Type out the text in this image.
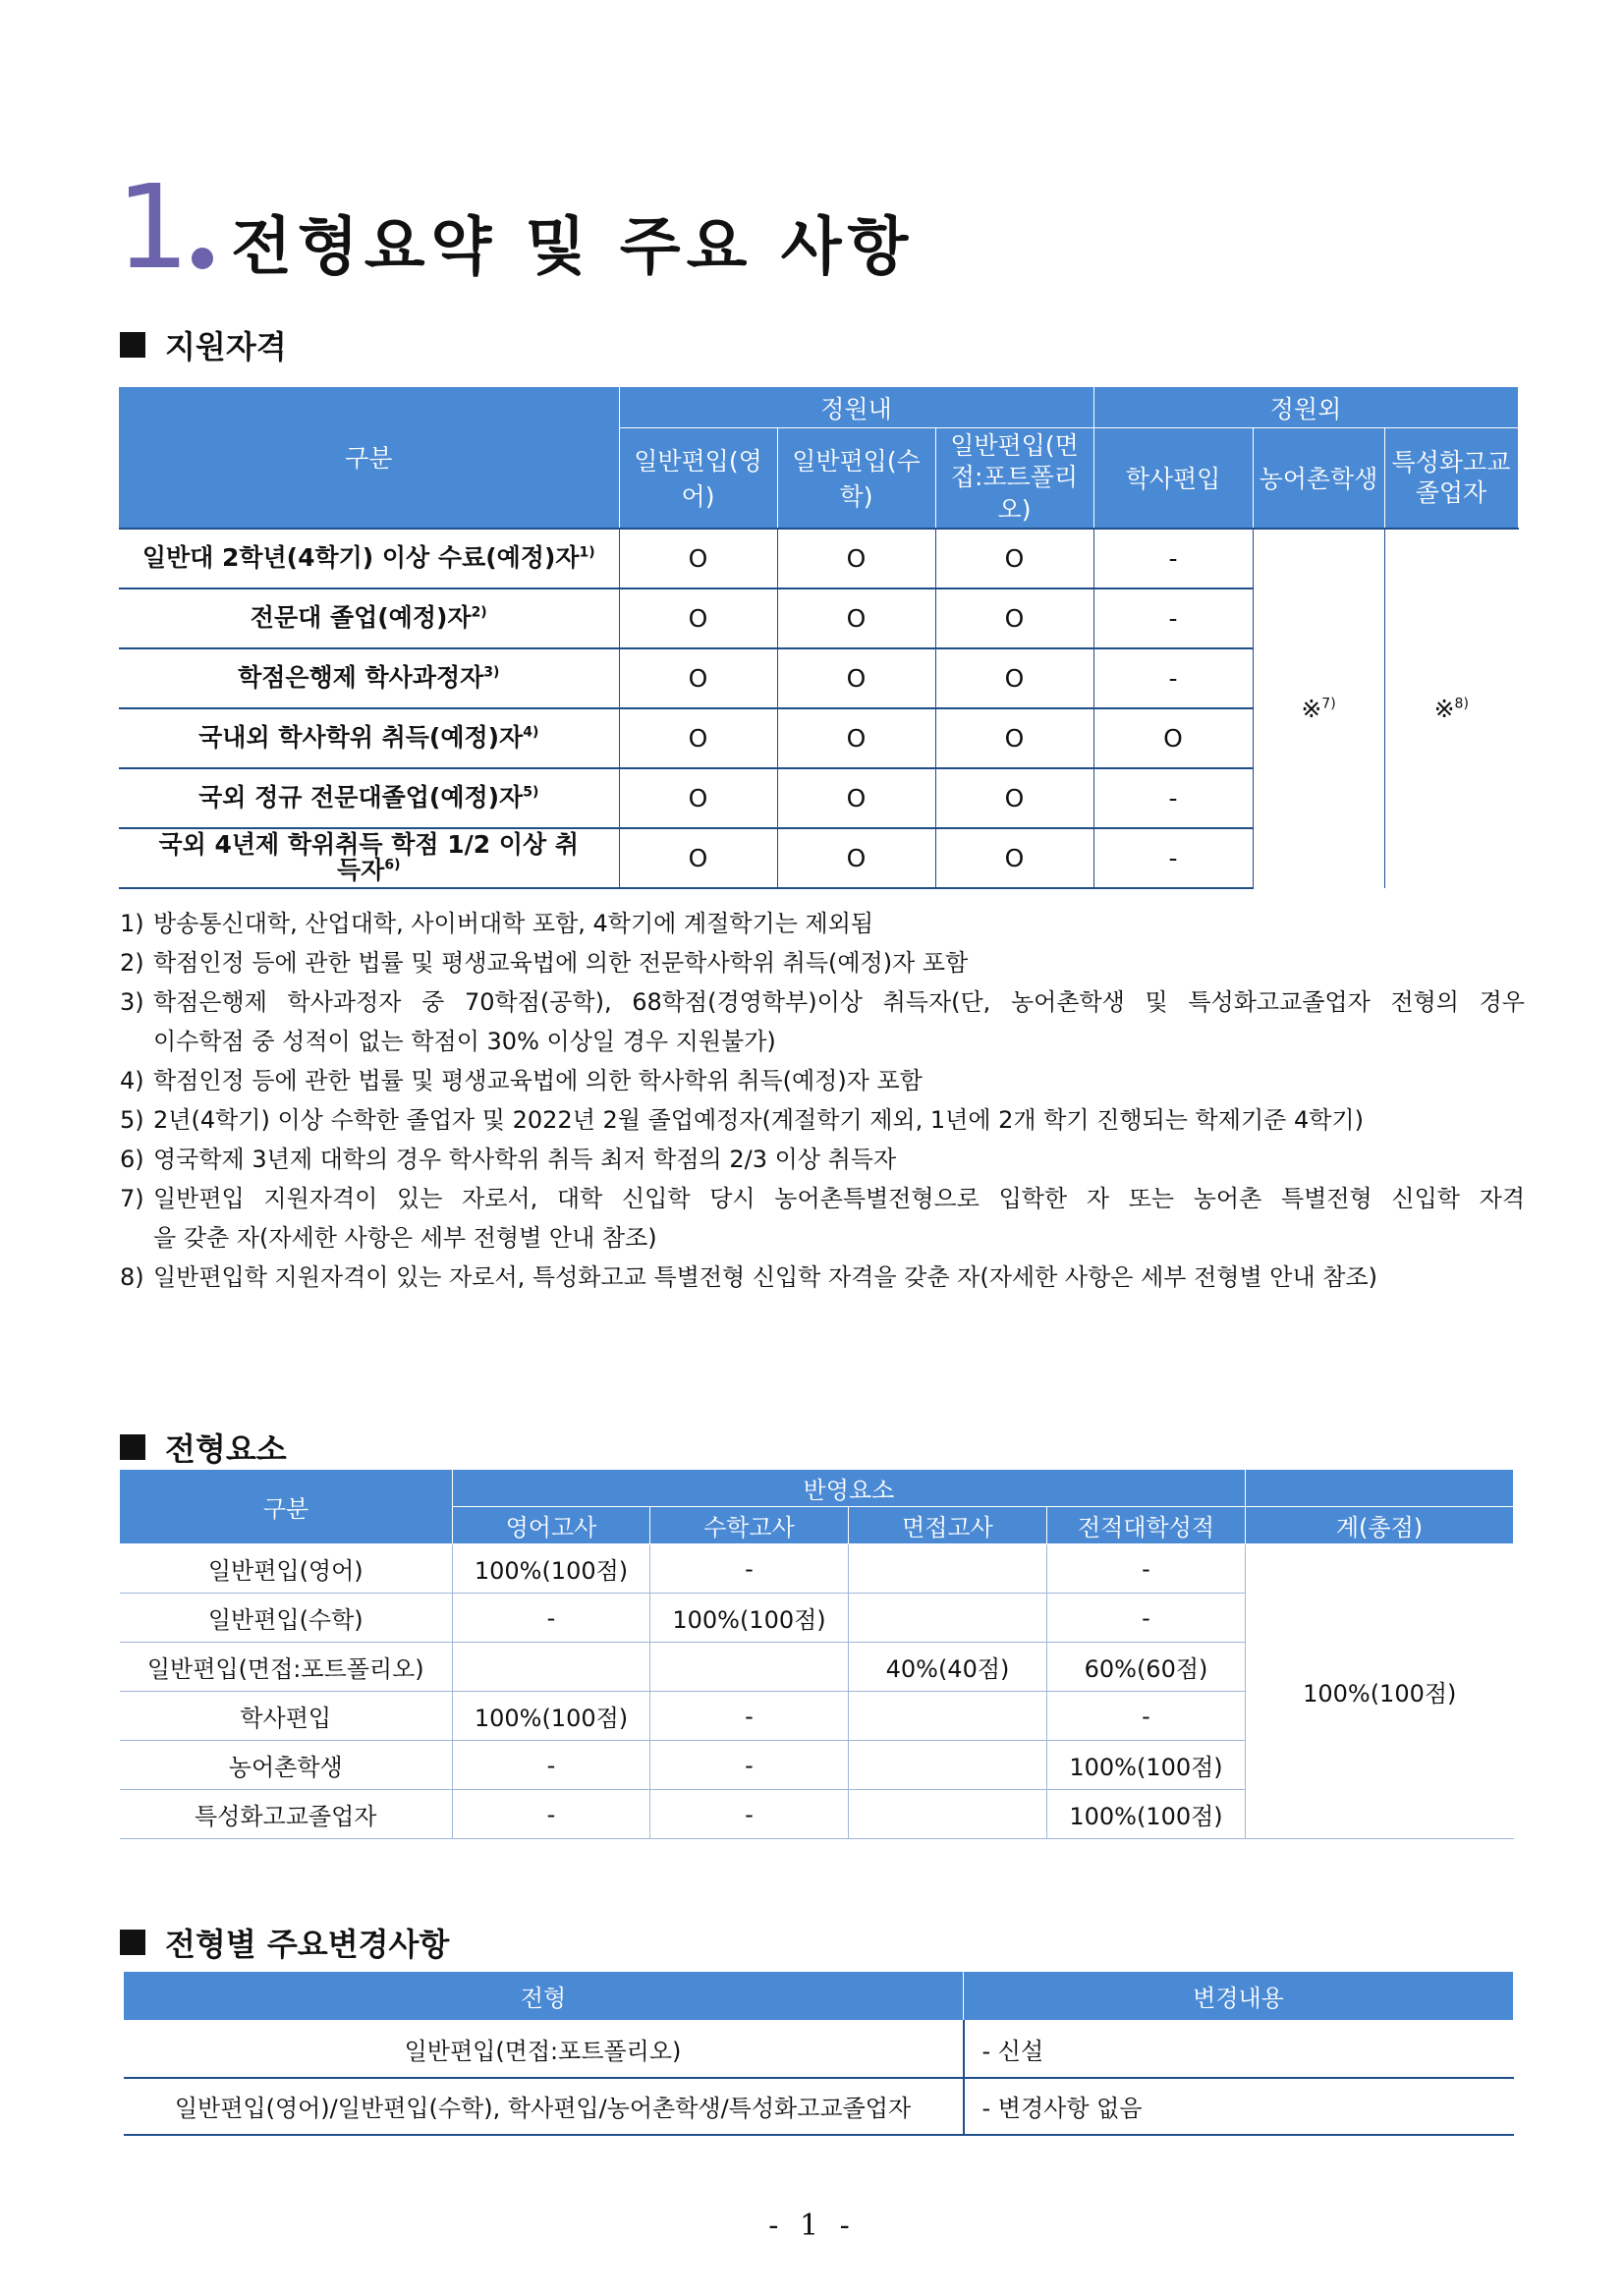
1 전형요약 및 주요 사항
지원자격
구분	정원내			정원외		
	일반편입(영어)	일반편입(수학)	일반편입(면접:포트폴리오)	학사편입	농어촌학생	특성화고교졸업자
일반대 2학년(4학기) 이상 수료(예정)자$^{1)}$	O	O	O	-	※$^{7)}$	※$^{8)}$
전문대 졸업(예정)자$^{2)}$	O	O	O	-		
학점은행제 학사과정자$^{3)}$	O	O	O	-		
국내외 학사학위 취득(예정)자$^{4)}$	O	O	O	O		
국외 정규 전문대졸업(예정)자$^{5)}$	O	O	O	-		
국외 4년제 학위취득 학점 1/2 이상 취득자$^{6)}$	O	O	O	-		
1) 방송통신대학, 산업대학, 사이버대학 포함, 4학기에 계절학기는 제외됨
2) 학점인정 등에 관한 법률 및 평생교육법에 의한 전문학사학위 취득(예정)자 포함
3) 학점은행제 학사과정자 중 70학점(공학), 68학점(경영학부)이상 취득자(단, 농어촌학생 및 특성화고교졸업자 전형의 경우
이수학점 중 성적이 없는 학점이 30% 이상일 경우 지원불가)
4) 학점인정 등에 관한 법률 및 평생교육법에 의한 학사학위 취득(예정)자 포함
5) 2년(4학기) 이상 수학한 졸업자 및 2022년 2월 졸업예정자(계절학기 제외, 1년에 2개 학기 진행되는 학제기준 4학기)
6) 영국학제 3년제 대학의 경우 학사학위 취득 최저 학점의 2/3 이상 취득자
7) 일반편입 지원자격이 있는 자로서, 대학 신입학 당시 농어촌특별전형으로 입학한 자 또는 농어촌 특별전형 신입학 자격
을 갖춘 자(자세한 사항은 세부 전형별 안내 참조)
8) 일반편입학 지원자격이 있는 자로서, 특성화고교 특별전형 신입학 자격을 갖춘 자(자세한 사항은 세부 전형별 안내 참조)
전형요소
구분	반영요소				
	영어고사	수학고사	면접고사	전적대학성적	계(총점)
일반편입(영어)	100%(100점)	-		-	100%(100점)
일반편입(수학)	-	100%(100점)		-	
일반편입(면접:포트폴리오)			40%(40점)	60%(60점)	
학사편입	100%(100점)	-		-	
농어촌학생	-	-		100%(100점)	
특성화고교졸업자	-	-		100%(100점)	
전형별 주요변경사항
전형	변경내용
일반편입(면접:포트폴리오)	- 신설
일반편입(영어)/일반편입(수학), 학사편입/농어촌학생/특성화고교졸업자	- 변경사항 없음
- 1 -
